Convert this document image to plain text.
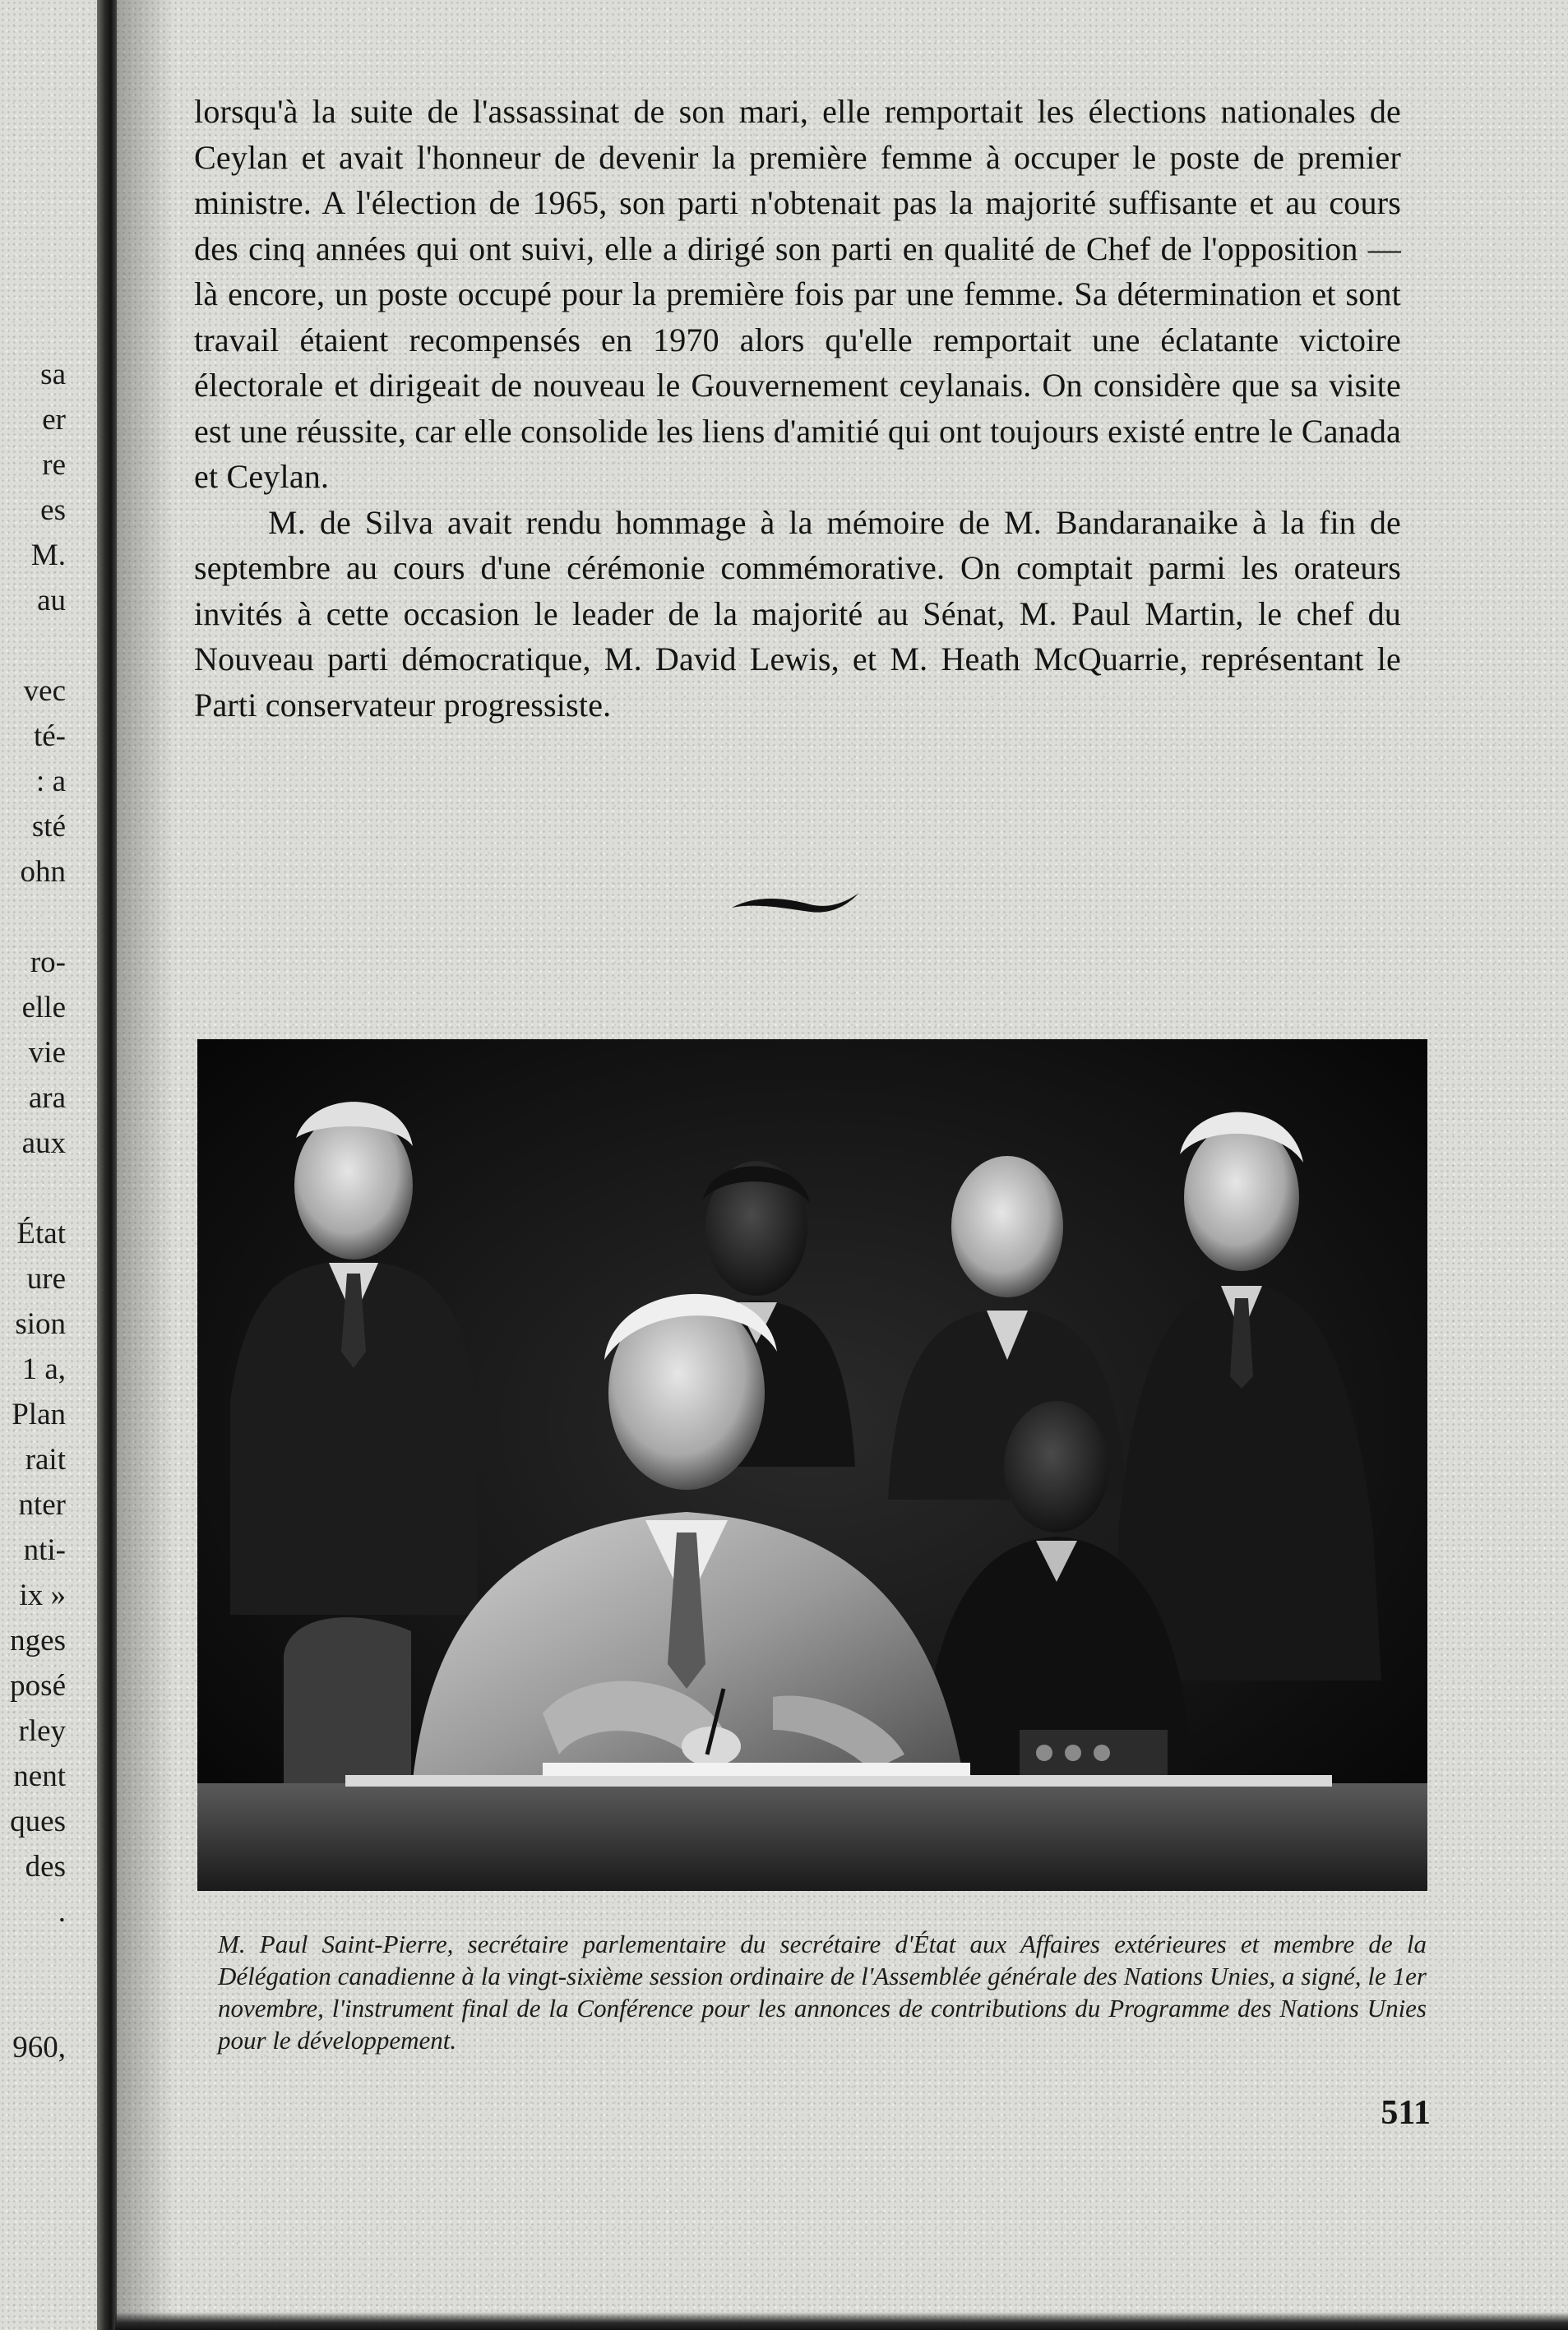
sa
er
re
es
M.
au
vec
té-
: a
sté
ohn
ro-
elle
vie
ara
aux
État
ure
sion
1 a,
Plan
rait
nter
nti-
ix »
nges
posé
rley
nent
ques
des
.
960,

lorsqu'à la suite de l'assassinat de son mari, elle remportait les élections nationales de Ceylan et avait l'honneur de devenir la première femme à occuper le poste de premier ministre. A l'élection de 1965, son parti n'obtenait pas la majorité suffisante et au cours des cinq années qui ont suivi, elle a dirigé son parti en qualité de Chef de l'opposition — là encore, un poste occupé pour la première fois par une femme. Sa détermination et sont travail étaient recompensés en 1970 alors qu'elle remportait une éclatante victoire électorale et dirigeait de nouveau le Gouvernement ceylanais. On considère que sa visite est une réussite, car elle consolide les liens d'amitié qui ont toujours existé entre le Canada et Ceylan.

M. de Silva avait rendu hommage à la mémoire de M. Bandaranaike à la fin de septembre au cours d'une cérémonie commémorative. On comptait parmi les orateurs invités à cette occasion le leader de la majorité au Sénat, M. Paul Martin, le chef du Nouveau parti démocratique, M. David Lewis, et M. Heath McQuarrie, représentant le Parti conservateur progressiste.

M. Paul Saint-Pierre, secrétaire parlementaire du secrétaire d'État aux Affaires extérieures et membre de la Délégation canadienne à la vingt-sixième session ordinaire de l'Assemblée générale des Nations Unies, a signé, le 1er novembre, l'instrument final de la Conférence pour les annonces de contributions du Programme des Nations Unies pour le développement.
511
